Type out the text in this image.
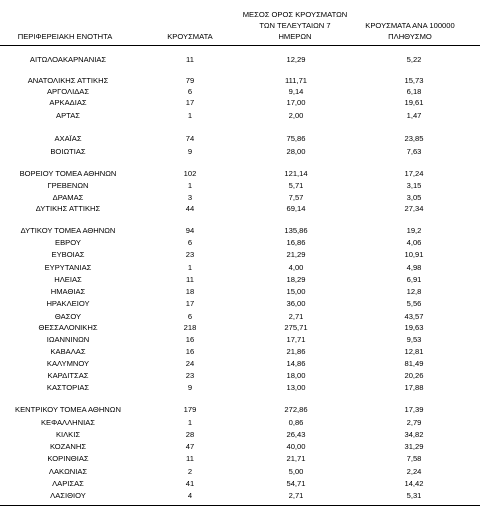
ΠΕΡΙΦΕΡΕΙΑΚΗ ΕΝΟΤΗΤΑ	ΚΡΟΥΣΜΑΤΑ
ΜΕΣΟΣ ΟΡΟΣ ΚΡΟΥΣΜΑΤΩΝ
ΤΩΝ ΤΕΛΕΥΤΑΙΩΝ 7
ΗΜΕΡΩΝ
ΚΡΟΥΣΜΑΤΑ ΑΝΑ 100000
ΠΛΗΘΥΣΜΟ
ΑΙΤΩΛΟΑΚΑΡΝΑΝΙΑΣ	11	12,29	5,22
ΑΝΑΤΟΛΙΚΗΣ ΑΤΤΙΚΗΣ	79	111,71	15,73
ΑΡΓΟΛΙΔΑΣ	6	9,14	6,18
ΑΡΚΑΔΙΑΣ	17	17,00	19,61
ΑΡΤΑΣ	1	2,00	1,47
ΑΧΑΪΑΣ	74	75,86	23,85
ΒΟΙΩΤΙΑΣ	9	28,00	7,63
ΒΟΡΕΙΟΥ ΤΟΜΕΑ ΑΘΗΝΩΝ	102	121,14	17,24
ΓΡΕΒΕΝΩΝ	1	5,71	3,15
ΔΡΑΜΑΣ	3	7,57	3,05
ΔΥΤΙΚΗΣ ΑΤΤΙΚΗΣ	44	69,14	27,34
ΔΥΤΙΚΟΥ ΤΟΜΕΑ ΑΘΗΝΩΝ	94	135,86	19,2
ΕΒΡΟΥ	6	16,86	4,06
ΕΥΒΟΙΑΣ	23	21,29	10,91
ΕΥΡΥΤΑΝΙΑΣ	1	4,00	4,98
ΗΛΕΙΑΣ	11	18,29	6,91
ΗΜΑΘΙΑΣ	18	15,00	12,8
ΗΡΑΚΛΕΙΟΥ	17	36,00	5,56
ΘΑΣΟΥ	6	2,71	43,57
ΘΕΣΣΑΛΟΝΙΚΗΣ	218	275,71	19,63
ΙΩΑΝΝΙΝΩΝ	16	17,71	9,53
ΚΑΒΑΛΑΣ	16	21,86	12,81
ΚΑΛΥΜΝΟΥ	24	14,86	81,49
ΚΑΡΔΙΤΣΑΣ	23	18,00	20,26
ΚΑΣΤΟΡΙΑΣ	9	13,00	17,88
ΚΕΝΤΡΙΚΟΥ ΤΟΜΕΑ ΑΘΗΝΩΝ	179	272,86	17,39
ΚΕΦΑΛΛΗΝΙΑΣ	1	0,86	2,79
ΚΙΛΚΙΣ	28	26,43	34,82
ΚΟΖΑΝΗΣ	47	40,00	31,29
ΚΟΡΙΝΘΙΑΣ	11	21,71	7,58
ΛΑΚΩΝΙΑΣ	2	5,00	2,24
ΛΑΡΙΣΑΣ	41	54,71	14,42
ΛΑΣΙΘΙΟΥ	4	2,71	5,31
